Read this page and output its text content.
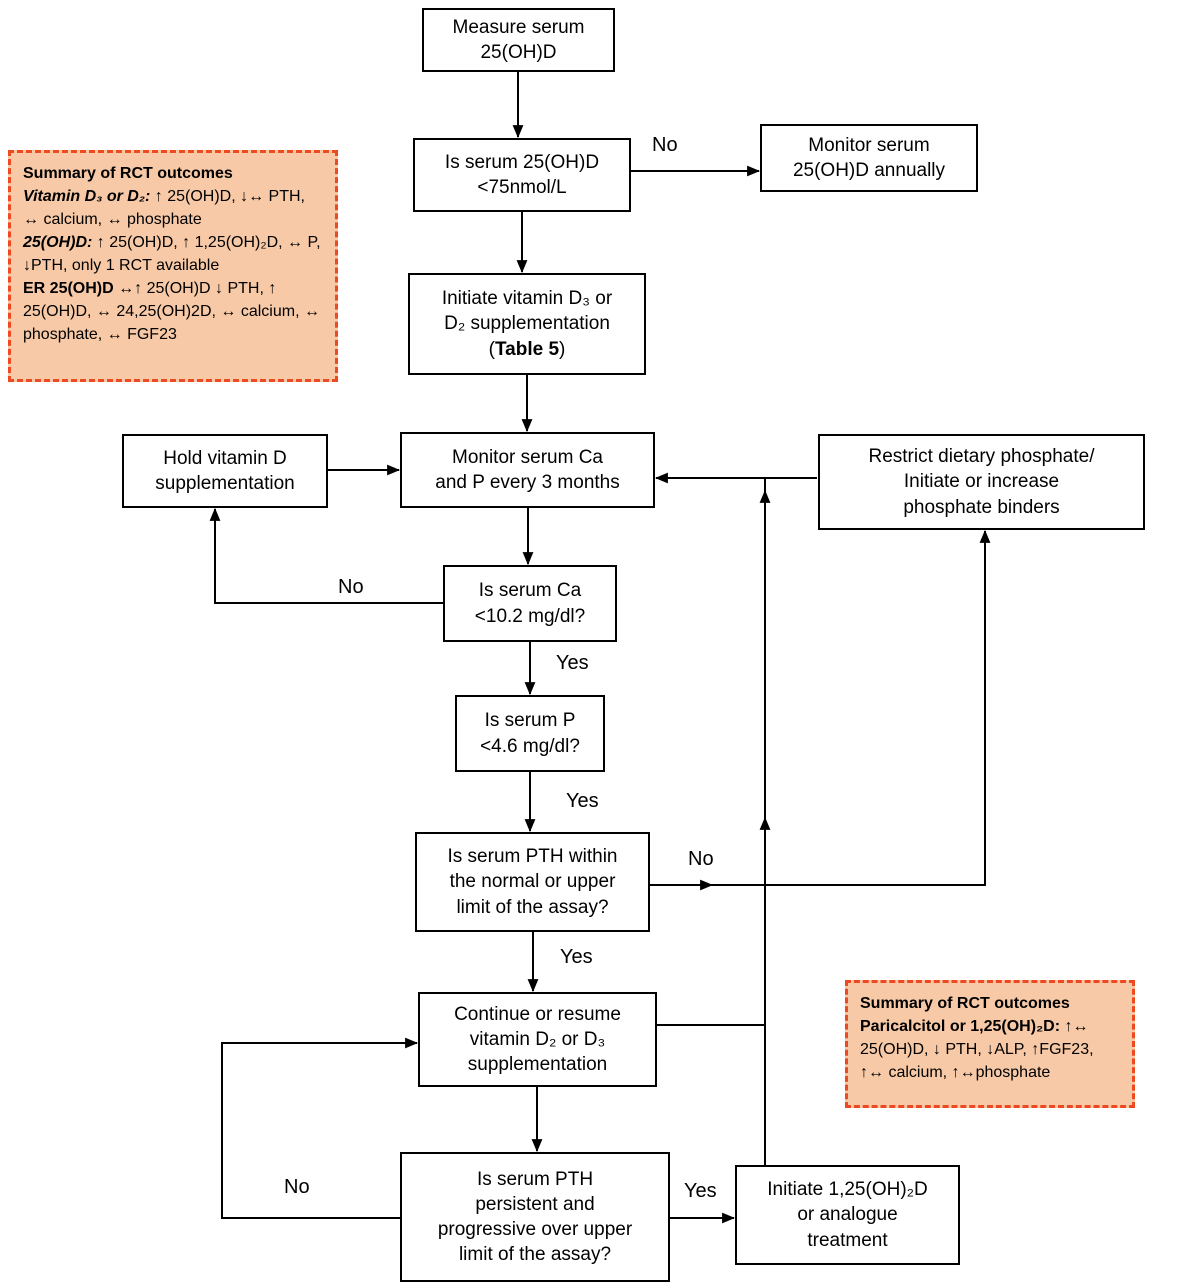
Measure serum
25(OH)D
Is serum 25(OH)D
<75nmol/L
Monitor serum
25(OH)D annually
Initiate vitamin D₃ or
D₂ supplementation
(Table 5)
Monitor serum Ca
and P every 3 months
Hold vitamin D
supplementation
Restrict dietary phosphate/
Initiate or increase
phosphate binders
Is serum Ca
<10.2 mg/dl?
Is serum P
<4.6 mg/dl?
Is serum PTH within
the normal or upper
limit of the assay?
Continue or resume
vitamin D₂ or D₃
supplementation
Is serum PTH
persistent and
progressive over upper
limit of the assay?
Initiate 1,25(OH)₂D
or analogue
treatment
Summary of RCT outcomes
Vitamin D₃ or D₂: ↑ 25(OH)D, ↓↔ PTH, ↔ calcium, ↔ phosphate
25(OH)D: ↑ 25(OH)D, ↑ 1,25(OH)₂D, ↔ P, ↓PTH, only 1 RCT available
ER 25(OH)D ↔↑ 25(OH)D ↓ PTH, ↑ 25(OH)D, ↔ 24,25(OH)2D, ↔ calcium, ↔ phosphate, ↔ FGF23
Summary of RCT outcomes
Paricalcitol or 1,25(OH)₂D: ↑↔ 25(OH)D, ↓ PTH, ↓ALP, ↑FGF23, ↑↔ calcium, ↑↔phosphate
No
No
Yes
Yes
No
Yes
No	Yes
